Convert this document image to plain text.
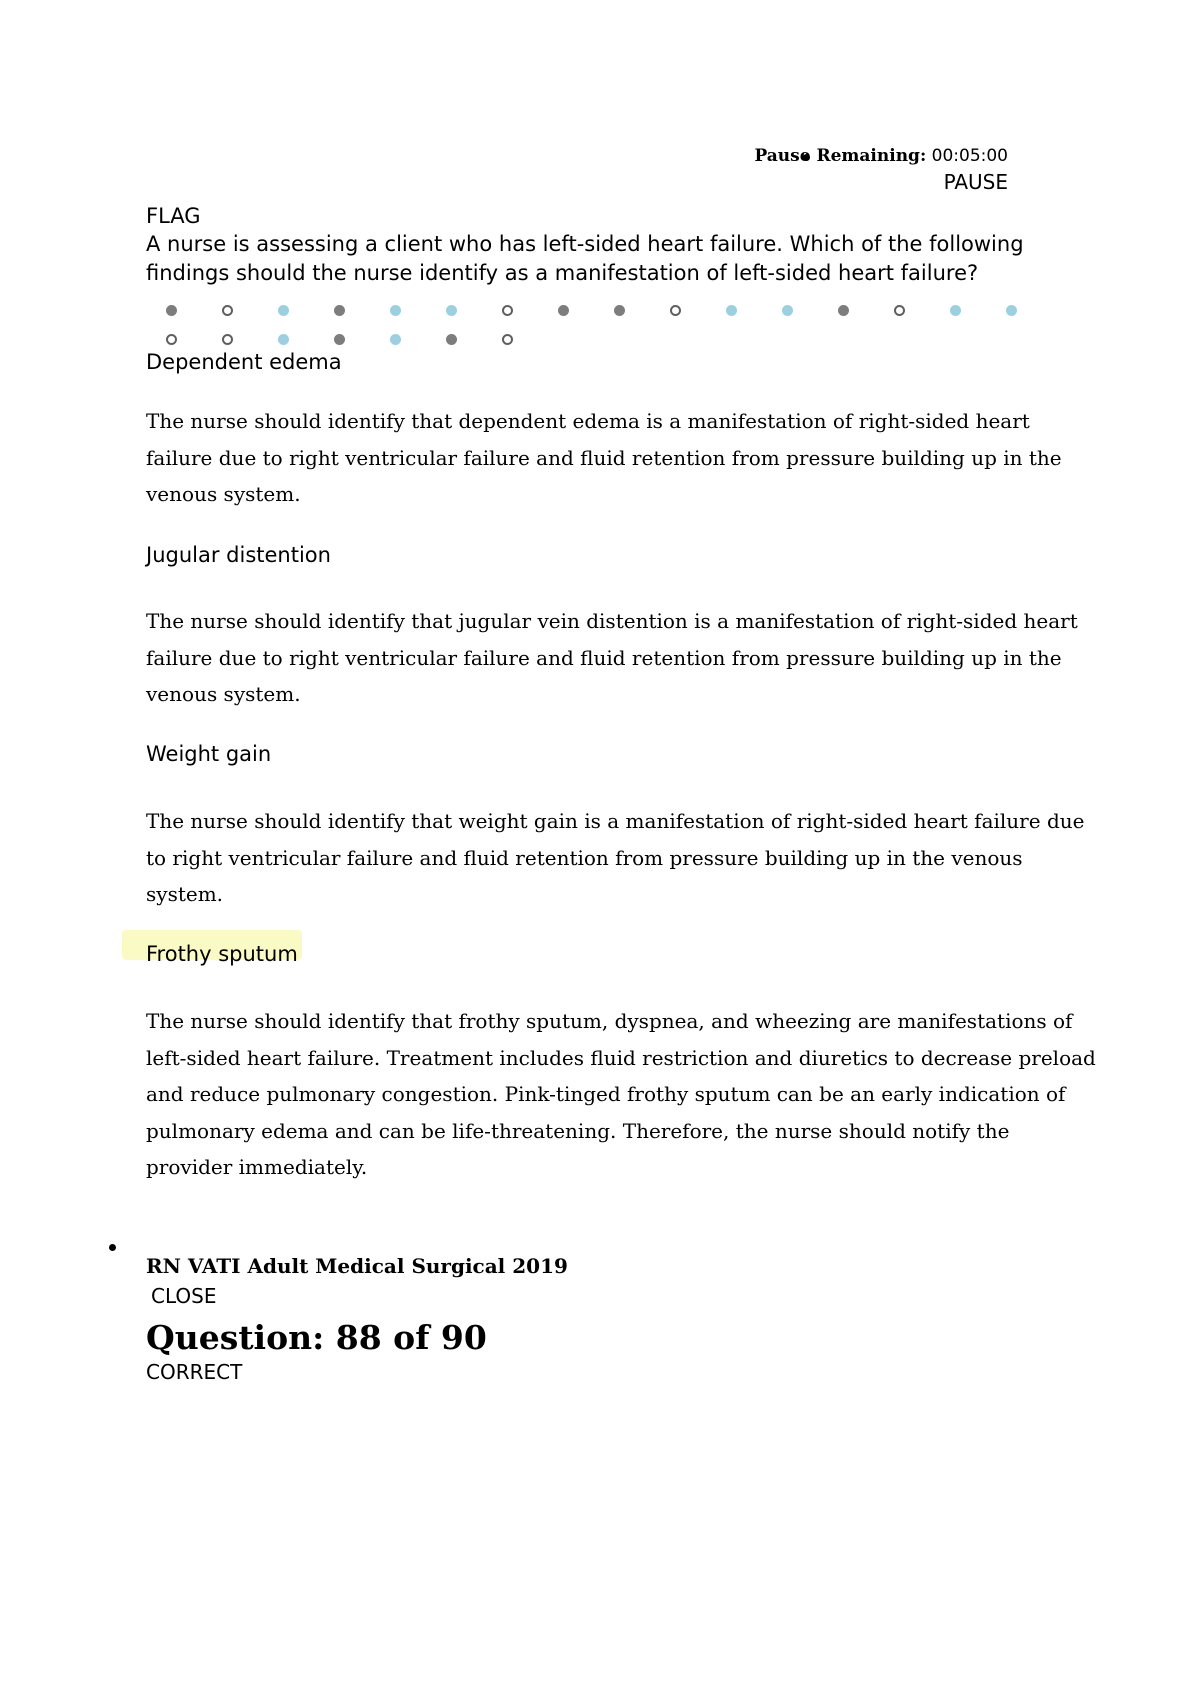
Pause Remaining: 00:05:00
PAUSE
FLAG
A nurse is assessing a client who has left-sided heart failure. Which of the following findings should the nurse identify as a manifestation of left-sided heart failure?
Dependent edema
The nurse should identify that dependent edema is a manifestation of right-sided heart failure due to right ventricular failure and fluid retention from pressure building up in the venous system.
Jugular distention
The nurse should identify that jugular vein distention is a manifestation of right-sided heart failure due to right ventricular failure and fluid retention from pressure building up in the venous system.
Weight gain
The nurse should identify that weight gain is a manifestation of right-sided heart failure due to right ventricular failure and fluid retention from pressure building up in the venous system.
Frothy sputum
The nurse should identify that frothy sputum, dyspnea, and wheezing are manifestations of left-sided heart failure. Treatment includes fluid restriction and diuretics to decrease preload and reduce pulmonary congestion. Pink-tinged frothy sputum can be an early indication of pulmonary edema and can be life-threatening. Therefore, the nurse should notify the provider immediately.
RN VATI Adult Medical Surgical 2019
CLOSE
Question: 88 of 90
CORRECT
